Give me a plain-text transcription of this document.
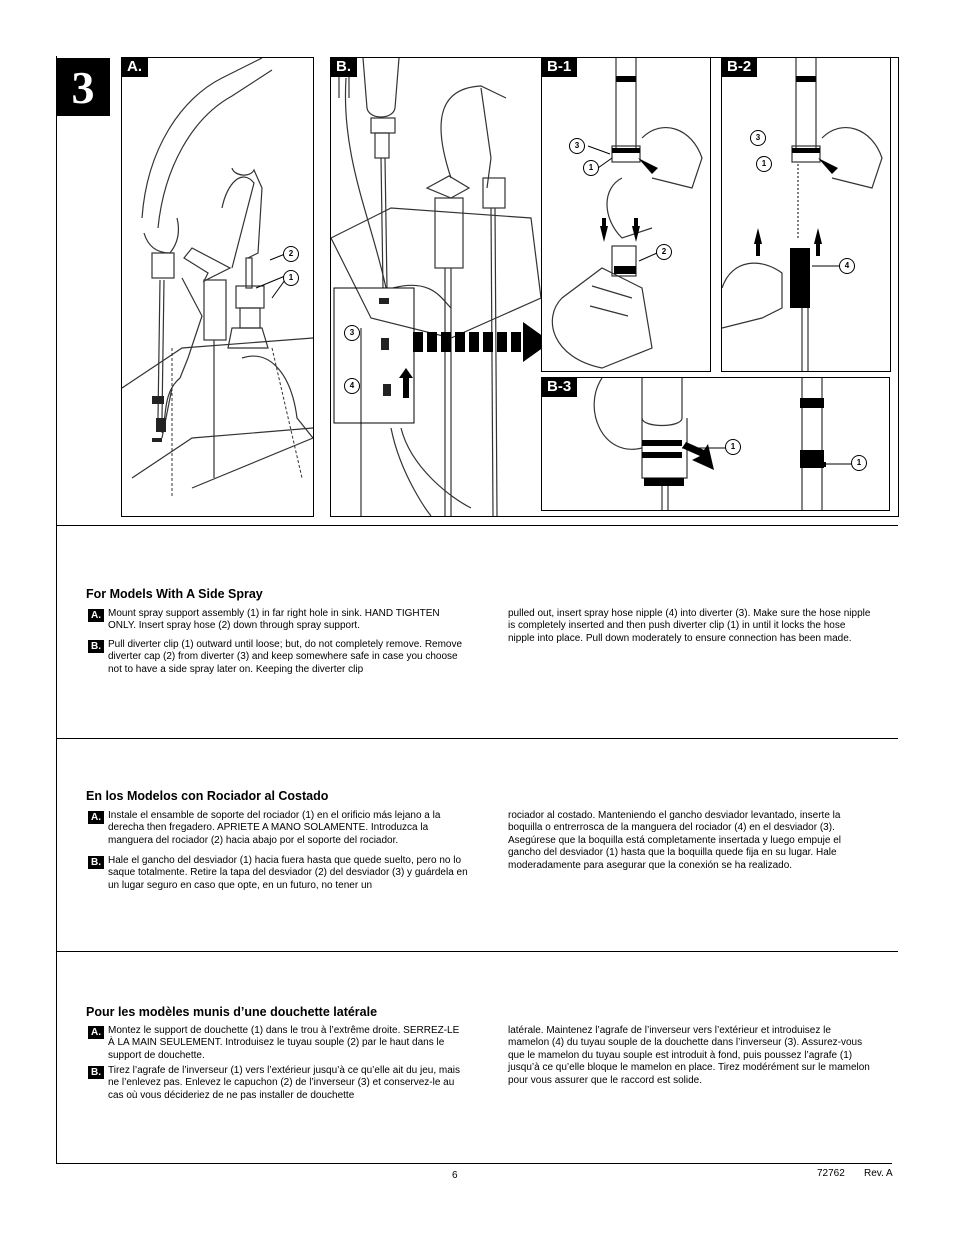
3	A.
2
1
B.
3
4
B-1
3
1
2
B-2
3
1
4
B-3
1
1
For Models With A Side Spray
A. Mount spray support assembly (1) in far right hole in sink. HAND TIGHTEN ONLY. Insert spray hose (2) down through spray support.
B. Pull diverter clip (1) outward until loose; but, do not completely remove. Remove diverter cap (2) from diverter (3) and keep somewhere safe in case you choose not to have a side spray later on. Keeping the diverter clip
pulled out, insert spray hose nipple (4) into diverter (3). Make sure the hose nipple is completely inserted and then push diverter clip (1) in until it locks the hose nipple into place. Pull down moderately to ensure connection has been made.
En los Modelos con Rociador al Costado
A. Instale el ensamble de soporte del rociador (1) en el orificio más lejano a la derecha then fregadero. APRIETE A MANO SOLAMENTE. Introduzca la manguera del rociador (2) hacia abajo por el soporte del rociador.
B. Hale el gancho del desviador (1) hacia fuera hasta que quede suelto, pero no lo saque totalmente. Retire la tapa del desviador (2) del desviador (3) y guárdela en un lugar seguro en caso que opte, en un futuro, no tener un
rociador al costado. Manteniendo el gancho desviador levantado, inserte la boquilla o entrerrosca de la manguera del rociador (4) en el desviador (3). Asegúrese que la boquilla está completamente insertada y luego empuje el gancho del desviador (1) hasta que la boquilla quede fija en su lugar. Hale moderadamente para asegurar que la conexión se ha realizado.
Pour les modèles munis d’une douchette latérale
A. Montez le support de douchette (1) dans le trou à l’extrême droite. SERREZ-LE À LA MAIN SEULEMENT. Introduisez le tuyau souple (2) par le haut dans le support de douchette.
B. Tirez l’agrafe de l’inverseur (1) vers l’extérieur jusqu’à ce qu’elle ait du jeu, mais ne l’enlevez pas. Enlevez le capuchon (2) de l’inverseur (3) et conservez-le au cas où vous décideriez de ne pas installer de douchette
latérale. Maintenez l’agrafe de l’inverseur vers l’extérieur et introduisez le mamelon (4) du tuyau souple de la douchette dans l’inverseur (3). Assurez-vous que le mamelon du tuyau souple est introduit à fond, puis poussez l’agrafe (1) jusqu’à ce qu’elle bloque le mamelon en place. Tirez modérément sur le mamelon pour vous assurer que le raccord est solide.
6	72762 Rev. A
